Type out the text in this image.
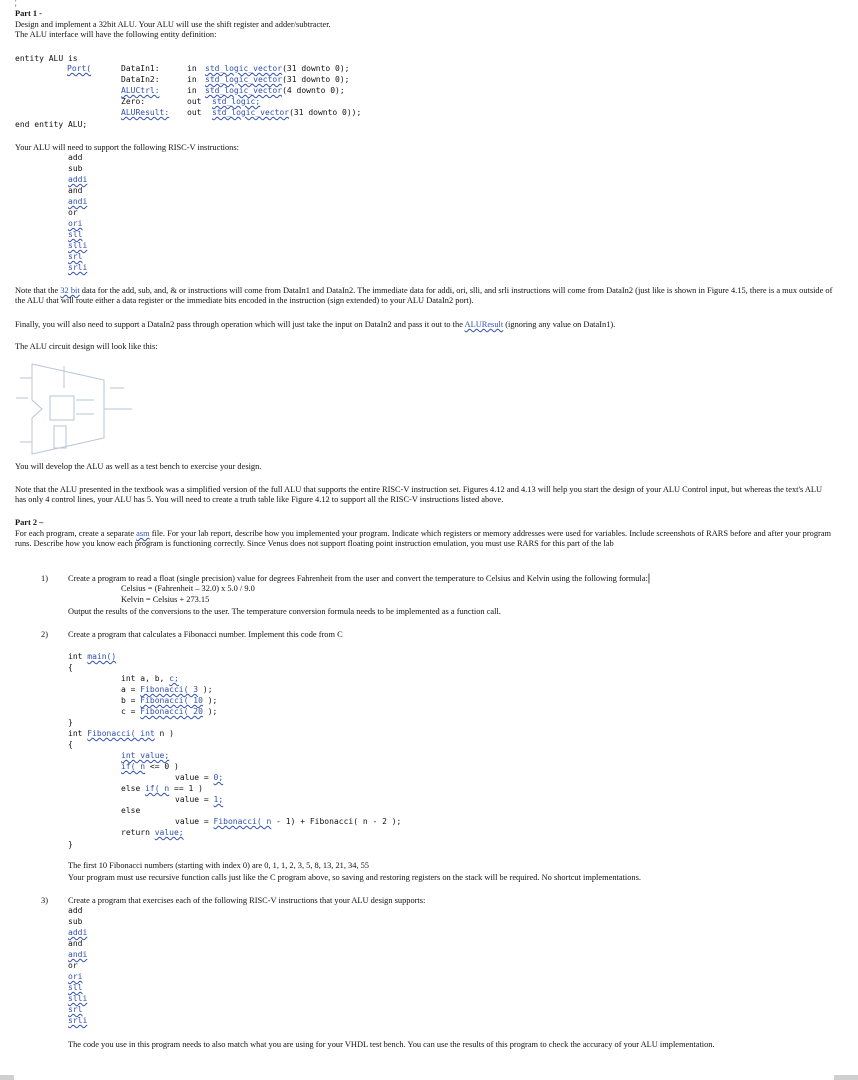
¦
Part 1 -
Design and implement a 32bit ALU. Your ALU will use the shift register and adder/subtracter.
The ALU interface will have the following entity definition:
entity ALU is
Port(	DataIn1:	in std_logic_vector(31 downto 0);
DataIn2:	in std_logic_vector(31 downto 0);
ALUCtrl:	in std_logic_vector(4 downto 0);
Zero:	out std_logic;
ALUResult: out std_logic_vector(31 downto 0));
end entity ALU;
Your ALU will need to support the following RISC-V instructions:
add
sub
addi
and
andi
or
ori
sll
slli
srl
srli
Note that the 32 bit data for the add, sub, and, & or instructions will come from DataIn1 and DataIn2. The immediate data for addi, ori, slli, and srli instructions will come from DataIn2 (just like is shown in Figure 4.15, there is a mux outside of the ALU that will route either a data register or the immediate bits encoded in the instruction (sign extended) to your ALU DataIn2 port).
Finally, you will also need to support a DataIn2 pass through operation which will just take the input on DataIn2 and pass it out to the ALUResult (ignoring any value on DataIn1).
The ALU circuit design will look like this:
You will develop the ALU as well as a test bench to exercise your design.
Note that the ALU presented in the textbook was a simplified version of the full ALU that supports the entire RISC-V instruction set. Figures 4.12 and 4.13 will help you start the design of your ALU Control input, but whereas the text's ALU has only 4 control lines, your ALU has 5. You will need to create a truth table like Figure 4.12 to support all the RISC-V instructions listed above.
Part 2 –
For each program, create a separate asm file. For your lab report, describe how you implemented your program. Indicate which registers or memory addresses were used for variables. Include screenshots of RARS before and after your program runs. Describe how you know each program is functioning correctly. Since Venus does not support floating point instruction emulation, you must use RARS for this part of the lab
1) Create a program to read a float (single precision) value for degrees Fahrenheit from the user and convert the temperature to Celsius and Kelvin using the following formula:|
Celsius = (Fahrenheit – 32.0) x 5.0 / 9.0
Kelvin = Celsius + 273.15
Output the results of the conversions to the user. The temperature conversion formula needs to be implemented as a function call.
2) Create a program that calculates a Fibonacci number. Implement this code from C
int main()
{
int a, b, c;
a = Fibonacci( 3 );
b = Fibonacci( 10 );
c = Fibonacci( 20 );
}
int Fibonacci( int n )
{
int value;
if( n <= 0 )
value = 0;
else if( n == 1 )
value = 1;
else
value = Fibonacci( n - 1) + Fibonacci( n - 2 );
return value;
}
The first 10 Fibonacci numbers (starting with index 0) are 0, 1, 1, 2, 3, 5, 8, 13, 21, 34, 55
Your program must use recursive function calls just like the C program above, so saving and restoring registers on the stack will be required. No shortcut implementations.
3) Create a program that exercises each of the following RISC-V instructions that your ALU design supports:
add
sub
addi
and
andi
or
ori
sll
slli
srl
srli
The code you use in this program needs to also match what you are using for your VHDL test bench. You can use the results of this program to check the accuracy of your ALU implementation.
